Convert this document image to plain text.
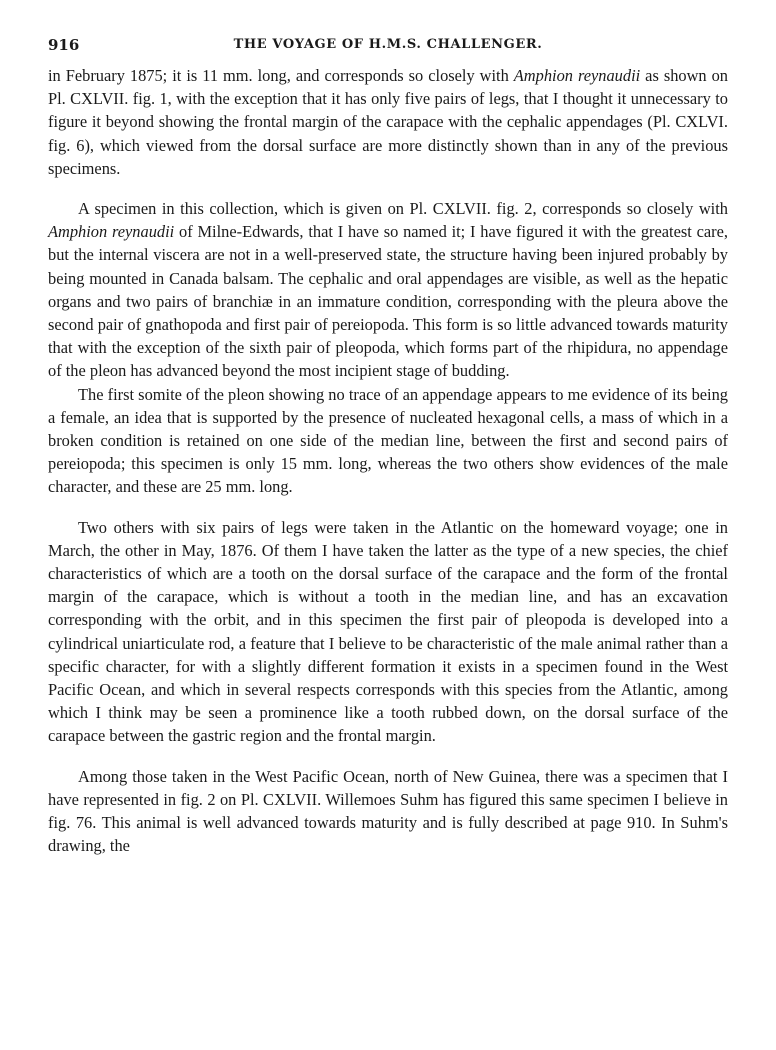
916	THE VOYAGE OF H.M.S. CHALLENGER.

in February 1875; it is 11 mm. long, and corresponds so closely with Amphion reynaudii as shown on Pl. CXLVII. fig. 1, with the exception that it has only five pairs of legs, that I thought it unnecessary to figure it beyond showing the frontal margin of the carapace with the cephalic appendages (Pl. CXLVI. fig. 6), which viewed from the dorsal surface are more distinctly shown than in any of the previous specimens.

A specimen in this collection, which is given on Pl. CXLVII. fig. 2, corresponds so closely with Amphion reynaudii of Milne-Edwards, that I have so named it; I have figured it with the greatest care, but the internal viscera are not in a well-preserved state, the structure having been injured probably by being mounted in Canada balsam. The cephalic and oral appendages are visible, as well as the hepatic organs and two pairs of branchiæ in an immature condition, corresponding with the pleura above the second pair of gnathopoda and first pair of pereiopoda. This form is so little advanced towards maturity that with the exception of the sixth pair of pleopoda, which forms part of the rhipidura, no appendage of the pleon has advanced beyond the most incipient stage of budding.

The first somite of the pleon showing no trace of an appendage appears to me evidence of its being a female, an idea that is supported by the presence of nucleated hexagonal cells, a mass of which in a broken condition is retained on one side of the median line, between the first and second pairs of pereiopoda; this specimen is only 15 mm. long, whereas the two others show evidences of the male character, and these are 25 mm. long.

Two others with six pairs of legs were taken in the Atlantic on the homeward voyage; one in March, the other in May, 1876. Of them I have taken the latter as the type of a new species, the chief characteristics of which are a tooth on the dorsal surface of the carapace and the form of the frontal margin of the carapace, which is without a tooth in the median line, and has an excavation corresponding with the orbit, and in this specimen the first pair of pleopoda is developed into a cylindrical uniarticulate rod, a feature that I believe to be characteristic of the male animal rather than a specific character, for with a slightly different formation it exists in a specimen found in the West Pacific Ocean, and which in several respects corresponds with this species from the Atlantic, among which I think may be seen a prominence like a tooth rubbed down, on the dorsal surface of the carapace between the gastric region and the frontal margin.

Among those taken in the West Pacific Ocean, north of New Guinea, there was a specimen that I have represented in fig. 2 on Pl. CXLVII. Willemoes Suhm has figured this same specimen I believe in fig. 76. This animal is well advanced towards maturity and is fully described at page 910. In Suhm's drawing, the
